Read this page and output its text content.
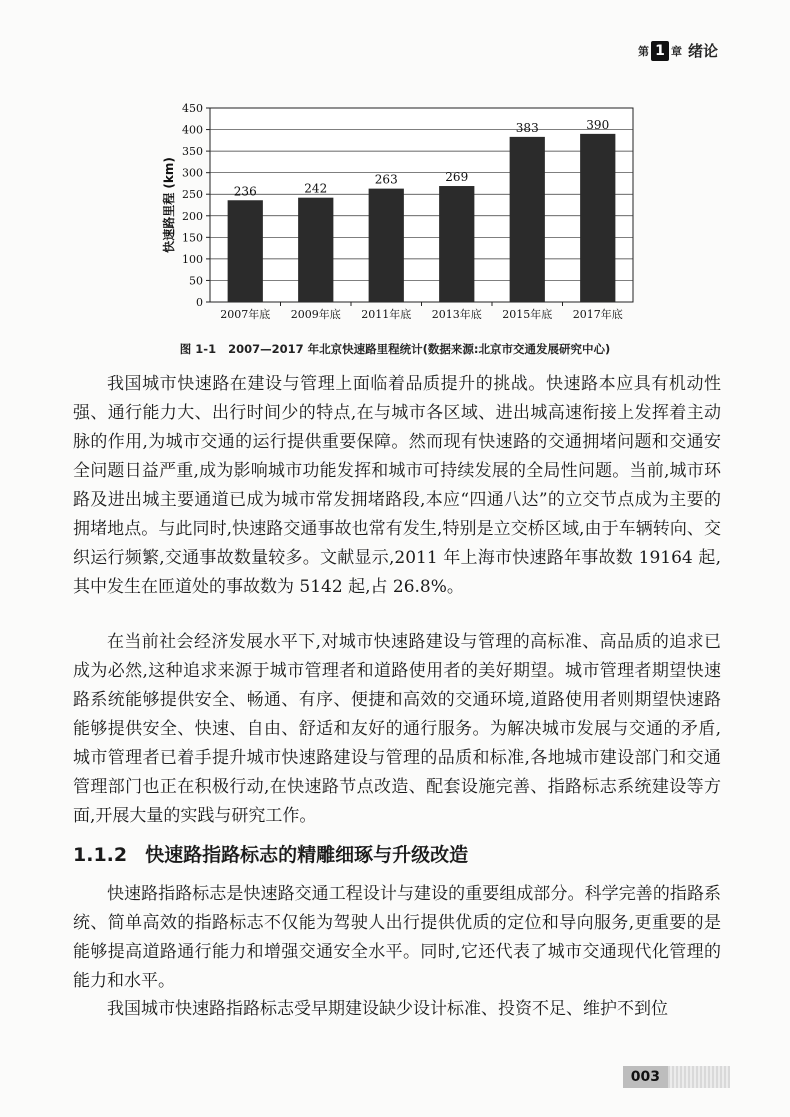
第 1 章 绪论
0
50
100
150
200
250
300
350
400
450
236
2007年底
242
2009年底
263
2011年底
269
2013年底
383
2015年底
390
2017年底
快速路里程 (km)
图 1-1 2007—2017 年北京快速路里程统计(数据来源:北京市交通发展研究中心)

我国城市快速路在建设与管理上面临着品质提升的挑战。快速路本应具有机动性强、通行能力大、出行时间少的特点,在与城市各区域、进出城高速衔接上发挥着主动脉的作用,为城市交通的运行提供重要保障。然而现有快速路的交通拥堵问题和交通安全问题日益严重,成为影响城市功能发挥和城市可持续发展的全局性问题。当前,城市环路及进出城主要通道已成为城市常发拥堵路段,本应“四通八达”的立交节点成为主要的拥堵地点。与此同时,快速路交通事故也常有发生,特别是立交桥区域,由于车辆转向、交织运行频繁,交通事故数量较多。文献显示,2011 年上海市快速路年事故数 19164 起,其中发生在匝道处的事故数为 5142 起,占 26.8%。

在当前社会经济发展水平下,对城市快速路建设与管理的高标准、高品质的追求已成为必然,这种追求来源于城市管理者和道路使用者的美好期望。城市管理者期望快速路系统能够提供安全、畅通、有序、便捷和高效的交通环境,道路使用者则期望快速路能够提供安全、快速、自由、舒适和友好的通行服务。为解决城市发展与交通的矛盾,城市管理者已着手提升城市快速路建设与管理的品质和标准,各地城市建设部门和交通管理部门也正在积极行动,在快速路节点改造、配套设施完善、指路标志系统建设等方面,开展大量的实践与研究工作。

1.1.2 快速路指路标志的精雕细琢与升级改造

快速路指路标志是快速路交通工程设计与建设的重要组成部分。科学完善的指路系统、简单高效的指路标志不仅能为驾驶人出行提供优质的定位和导向服务,更重要的是能够提高道路通行能力和增强交通安全水平。同时,它还代表了城市交通现代化管理的能力和水平。

我国城市快速路指路标志受早期建设缺少设计标准、投资不足、维护不到位

003
